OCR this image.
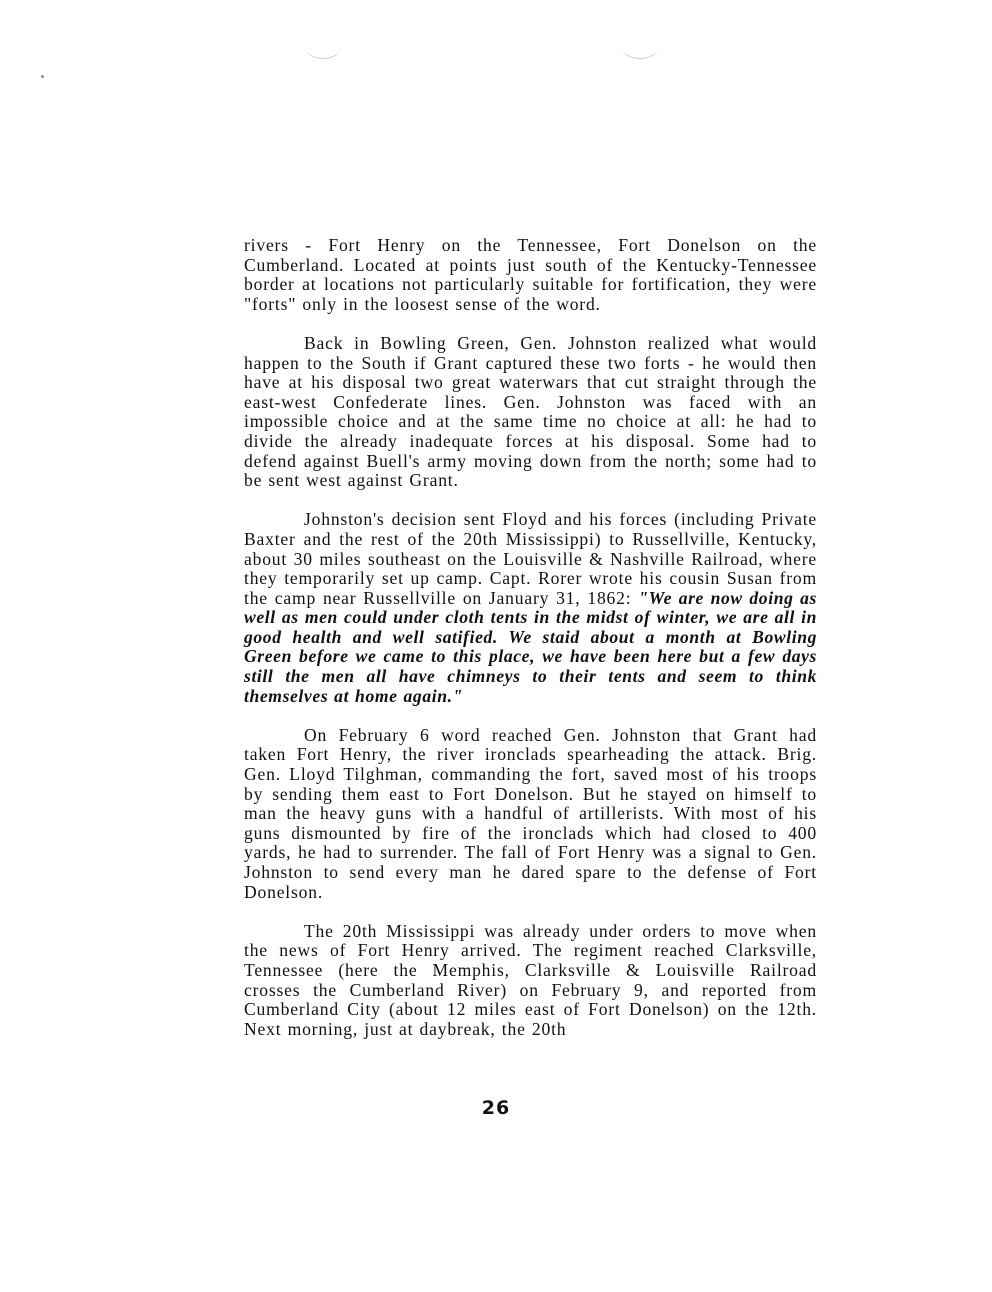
rivers - Fort Henry on the Tennessee, Fort Donelson on the Cumberland. Located at points just south of the Kentucky-Tennessee border at locations not particularly suitable for fortification, they were "forts" only in the loosest sense of the word.

Back in Bowling Green, Gen. Johnston realized what would happen to the South if Grant captured these two forts - he would then have at his disposal two great waterwars that cut straight through the east-west Confederate lines. Gen. Johnston was faced with an impossible choice and at the same time no choice at all: he had to divide the already inadequate forces at his disposal. Some had to defend against Buell's army moving down from the north; some had to be sent west against Grant.

Johnston's decision sent Floyd and his forces (including Private Baxter and the rest of the 20th Mississippi) to Russellville, Kentucky, about 30 miles southeast on the Louisville & Nashville Railroad, where they temporarily set up camp. Capt. Rorer wrote his cousin Susan from the camp near Russellville on January 31, 1862: "We are now doing as well as men could under cloth tents in the midst of winter, we are all in good health and well satified. We staid about a month at Bowling Green before we came to this place, we have been here but a few days still the men all have chimneys to their tents and seem to think themselves at home again."

On February 6 word reached Gen. Johnston that Grant had taken Fort Henry, the river ironclads spearheading the attack. Brig. Gen. Lloyd Tilghman, commanding the fort, saved most of his troops by sending them east to Fort Donelson. But he stayed on himself to man the heavy guns with a handful of artillerists. With most of his guns dismounted by fire of the ironclads which had closed to 400 yards, he had to surrender. The fall of Fort Henry was a signal to Gen. Johnston to send every man he dared spare to the defense of Fort Donelson.

The 20th Mississippi was already under orders to move when the news of Fort Henry arrived. The regiment reached Clarksville, Tennessee (here the Memphis, Clarksville & Louisville Railroad crosses the Cumberland River) on February 9, and reported from Cumberland City (about 12 miles east of Fort Donelson) on the 12th. Next morning, just at daybreak, the 20th

26
